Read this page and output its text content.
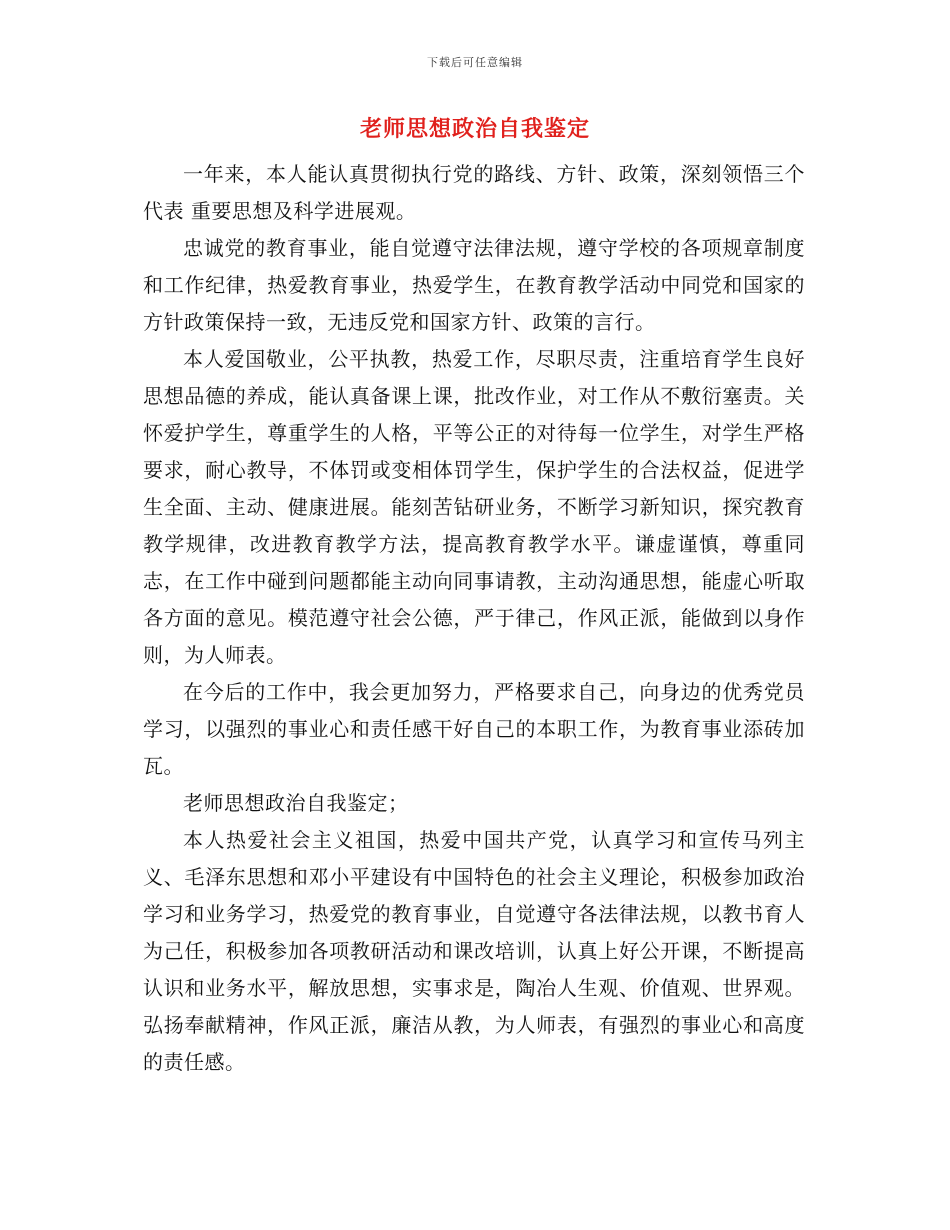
下载后可任意编辑
老师思想政治自我鉴定

一年来，本人能认真贯彻执行党的路线、方针、政策，深刻领悟三个代表 重要思想及科学进展观。

忠诚党的教育事业，能自觉遵守法律法规，遵守学校的各项规章制度和工作纪律，热爱教育事业，热爱学生，在教育教学活动中同党和国家的方针政策保持一致，无违反党和国家方针、政策的言行。

本人爱国敬业，公平执教，热爱工作，尽职尽责，注重培育学生良好思想品德的养成，能认真备课上课，批改作业，对工作从不敷衍塞责。关怀爱护学生，尊重学生的人格，平等公正的对待每一位学生，对学生严格要求，耐心教导，不体罚或变相体罚学生，保护学生的合法权益，促进学生全面、主动、健康进展。能刻苦钻研业务，不断学习新知识，探究教育教学规律，改进教育教学方法，提高教育教学水平。谦虚谨慎，尊重同志，在工作中碰到问题都能主动向同事请教，主动沟通思想，能虚心听取各方面的意见。模范遵守社会公德，严于律己，作风正派，能做到以身作则，为人师表。

在今后的工作中，我会更加努力，严格要求自己，向身边的优秀党员学习，以强烈的事业心和责任感干好自己的本职工作，为教育事业添砖加瓦。

老师思想政治自我鉴定；

本人热爱社会主义祖国，热爱中国共产党，认真学习和宣传马列主义、毛泽东思想和邓小平建设有中国特色的社会主义理论，积极参加政治学习和业务学习，热爱党的教育事业，自觉遵守各法律法规，以教书育人为己任，积极参加各项教研活动和课改培训，认真上好公开课，不断提高认识和业务水平，解放思想，实事求是，陶冶人生观、价值观、世界观。弘扬奉献精神，作风正派，廉洁从教，为人师表，有强烈的事业心和高度的责任感。
